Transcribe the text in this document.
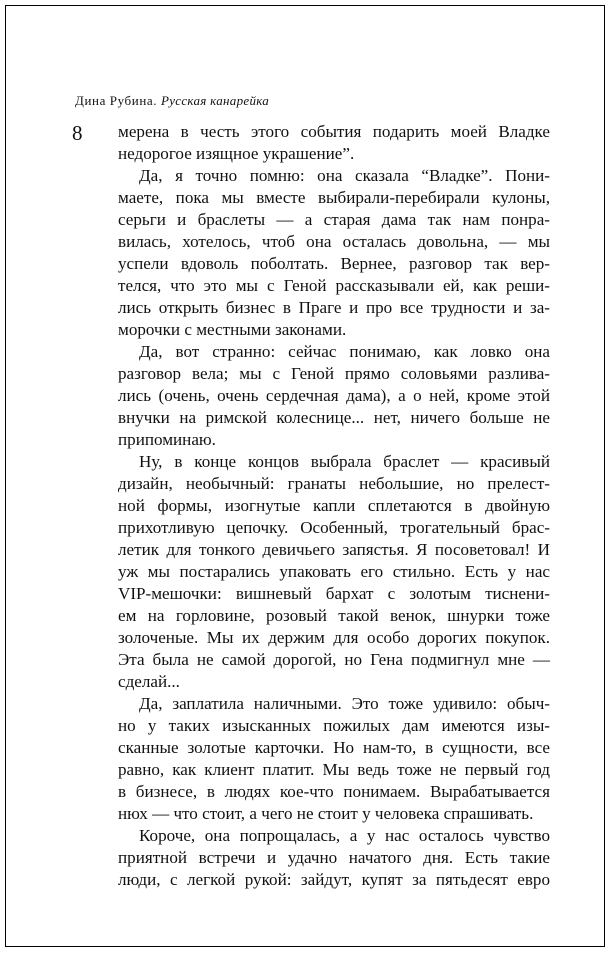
Дина Рубина. Русская канарейка
8 мерена в честь этого события подарить моей Владке
недорогое изящное украшение”.
Да, я точно помню: она сказала “Владке”. Пони-
маете, пока мы вместе выбирали-перебирали кулоны,
серьги и браслеты — а старая дама так нам понра-
вилась, хотелось, чтоб она осталась довольна, — мы
успели вдоволь поболтать. Вернее, разговор так вер-
телся, что это мы с Геной рассказывали ей, как реши-
лись открыть бизнес в Праге и про все трудности и за-
морочки с местными законами.
Да, вот странно: сейчас понимаю, как ловко она
разговор вела; мы с Геной прямо соловьями разлива-
лись (очень, очень сердечная дама), а о ней, кроме этой
внучки на римской колеснице... нет, ничего больше не
припоминаю.
Ну, в конце концов выбрала браслет — красивый
дизайн, необычный: гранаты небольшие, но прелест-
ной формы, изогнутые капли сплетаются в двойную
прихотливую цепочку. Особенный, трогательный брас-
летик для тонкого девичьего запястья. Я посоветовал! И
уж мы постарались упаковать его стильно. Есть у нас
VIP-мешочки: вишневый бархат с золотым тиснени-
ем на горловине, розовый такой венок, шнурки тоже
золоченые. Мы их держим для особо дорогих покупок.
Эта была не самой дорогой, но Гена подмигнул мне —
сделай...
Да, заплатила наличными. Это тоже удивило: обыч-
но у таких изысканных пожилых дам имеются изы-
сканные золотые карточки. Но нам-то, в сущности, все
равно, как клиент платит. Мы ведь тоже не первый год
в бизнесе, в людях кое-что понимаем. Вырабатывается
нюх — что стоит, а чего не стоит у человека спрашивать.
Короче, она попрощалась, а у нас осталось чувство
приятной встречи и удачно начатого дня. Есть такие
люди, с легкой рукой: зайдут, купят за пятьдесят евро
